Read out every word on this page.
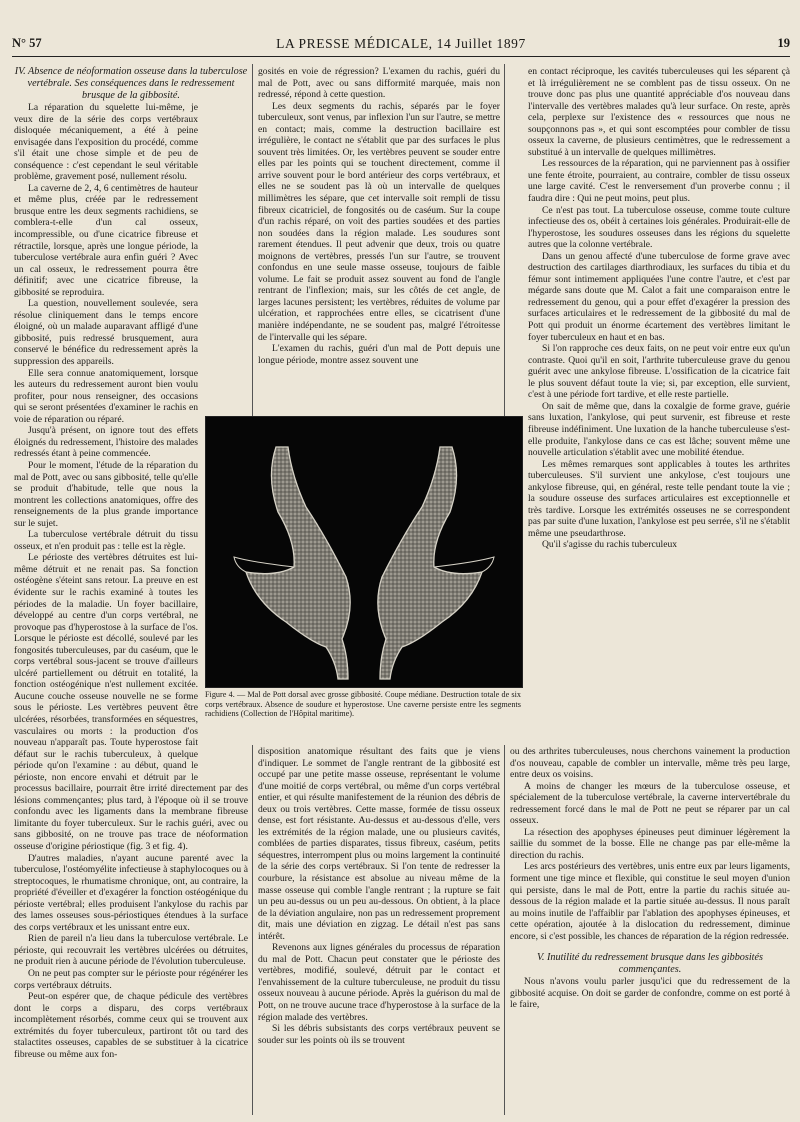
N° 57	LA PRESSE MÉDICALE, 14 Juillet 1897	19

IV. Absence de néoformation osseuse dans la tuberculose vertébrale. Ses conséquences dans le redressement brusque de la gibbosité.

La réparation du squelette lui-même, je veux dire de la série des corps vertébraux disloquée mécaniquement, a été à peine envisagée dans l'exposition du procédé, comme s'il était une chose simple et de peu de conséquence : c'est cependant le seul véritable problème, gravement posé, nullement résolu.

La caverne de 2, 4, 6 centimètres de hauteur et même plus, créée par le redressement brusque entre les deux segments rachidiens, se comblera-t-elle d'un cal osseux, incompressible, ou d'une cicatrice fibreuse et rétractile, lorsque, après une longue période, la tuberculose vertébrale aura enfin guéri ? Avec un cal osseux, le redressement pourra être définitif; avec une cicatrice fibreuse, la gibbosité se reproduira.

La question, nouvellement soulevée, sera résolue cliniquement dans le temps encore éloigné, où un malade auparavant affligé d'une gibbosité, puis redressé brusquement, aura conservé le bénéfice du redressement après la suppression des appareils.

Elle sera connue anatomiquement, lorsque les auteurs du redressement auront bien voulu profiter, pour nous renseigner, des occasions qui se seront présentées d'examiner le rachis en voie de réparation ou réparé.

Jusqu'à présent, on ignore tout des effets éloignés du redressement, l'histoire des malades redressés étant à peine commencée.

Pour le moment, l'étude de la réparation du mal de Pott, avec ou sans gibbosité, telle qu'elle se produit d'habitude, telle que nous la montrent les collections anatomiques, offre des renseignements de la plus grande importance sur le sujet.

La tuberculose vertébrale détruit du tissu osseux, et n'en produit pas : telle est la règle.

Le périoste des vertèbres détruites est lui-même détruit et ne renait pas. Sa fonction ostéogène s'éteint sans retour. La preuve en est évidente sur le rachis examiné à toutes les périodes de la maladie. Un foyer bacillaire, développé au centre d'un corps vertébral, ne provoque pas d'hyperostose à la surface de l'os. Lorsque le périoste est décollé, soulevé par les fongosités tuberculeuses, par du caséum, que le corps vertébral sous-jacent se trouve d'ailleurs ulcéré partiellement ou détruit en totalité, la fonction ostéogénique n'est nullement excitée. Aucune couche osseuse nouvelle ne se forme sous le périoste. Les vertèbres peuvent être ulcérées, résorbées, transformées en séquestres, vasculaires ou morts : la production d'os nouveau n'apparaît pas. Toute hyperostose fait défaut sur le rachis tuberculeux, à quelque période qu'on l'examine : au début, quand le périoste, non encore envahi et détruit par le processus bacillaire, pourrait être irrité directement par des lésions commençantes; plus tard, à l'époque où il se trouve confondu avec les ligaments dans la membrane fibreuse limitante du foyer tuberculeux. Sur le rachis guéri, avec ou sans gibbosité, on ne trouve pas trace de néoformation osseuse d'origine périostique (fig. 3 et fig. 4).

D'autres maladies, n'ayant aucune parenté avec la tuberculose, l'ostéomyélite infectieuse à staphylocoques ou à streptocoques, le rhumatisme chronique, ont, au contraire, la propriété d'éveiller et d'exagérer la fonction ostéogénique du périoste vertébral; elles produisent l'ankylose du rachis par des lames osseuses sous-périostiques étendues à la surface des corps vertébraux et les unissant entre eux.

Rien de pareil n'a lieu dans la tuberculose vertébrale. Le périoste, qui recouvrait les vertèbres ulcérées ou détruites, ne produit rien à aucune période de l'évolution tuberculeuse.

On ne peut pas compter sur le périoste pour régénérer les corps vertébraux détruits.

Peut-on espérer que, de chaque pédicule des vertèbres dont le corps a disparu, des corps vertébraux incomplètement résorbés, comme ceux qui se trouvent aux extrémités du foyer tuberculeux, partiront tôt ou tard des stalactites osseuses, capables de se substituer à la cicatrice fibreuse ou même aux fon-

gosités en voie de régression? L'examen du rachis, guéri du mal de Pott, avec ou sans difformité marquée, mais non redressé, répond à cette question.

Les deux segments du rachis, séparés par le foyer tuberculeux, sont venus, par inflexion l'un sur l'autre, se mettre en contact; mais, comme la destruction bacillaire est irrégulière, le contact ne s'établit que par des surfaces le plus souvent très limitées. Or, les vertèbres peuvent se souder entre elles par les points qui se touchent directement, comme il arrive souvent pour le bord antérieur des corps vertébraux, et elles ne se soudent pas là où un intervalle de quelques millimètres les sépare, que cet intervalle soit rempli de tissu fibreux cicatriciel, de fongosités ou de caséum. Sur la coupe d'un rachis réparé, on voit des parties soudées et des parties non soudées dans la région malade. Les soudures sont rarement étendues. Il peut advenir que deux, trois ou quatre moignons de vertèbres, pressés l'un sur l'autre, se trouvent confondus en une seule masse osseuse, toujours de faible volume. Le fait se produit assez souvent au fond de l'angle rentrant de l'inflexion; mais, sur les côtés de cet angle, de larges lacunes persistent; les vertèbres, réduites de volume par ulcération, et rapprochées entre elles, se cicatrisent d'une manière indépendante, ne se soudent pas, malgré l'étroitesse de l'intervalle qui les sépare.

L'examen du rachis, guéri d'un mal de Pott depuis une longue période, montre assez souvent une

en contact réciproque, les cavités tuberculeuses qui les séparent çà et là irrégulièrement ne se comblent pas de tissu osseux. On ne trouve donc pas plus une quantité appréciable d'os nouveau dans l'intervalle des vertèbres malades qu'à leur surface. On reste, après cela, perplexe sur l'existence des « ressources que nous ne soupçonnons pas », et qui sont escomptées pour combler de tissu osseux la caverne, de plusieurs centimètres, que le redressement a substitué à un intervalle de quelques millimètres.

Les ressources de la réparation, qui ne parviennent pas à ossifier une fente étroite, pourraient, au contraire, combler de tissu osseux une large cavité. C'est le renversement d'un proverbe connu ; il faudra dire : Qui ne peut moins, peut plus.

Ce n'est pas tout. La tuberculose osseuse, comme toute culture infectieuse des os, obéit à certaines lois générales. Produirait-elle de l'hyperostose, les soudures osseuses dans les régions du squelette autres que la colonne vertébrale.

Dans un genou affecté d'une tuberculose de forme grave avec destruction des cartilages diarthrodiaux, les surfaces du tibia et du fémur sont intimement appliquées l'une contre l'autre, et c'est par mégarde sans doute que M. Calot a fait une comparaison entre le redressement du genou, qui a pour effet d'exagérer la pression des surfaces articulaires et le redressement de la gibbosité du mal de Pott qui produit un énorme écartement des vertèbres limitant le foyer tuberculeux en haut et en bas.

Si l'on rapproche ces deux faits, on ne peut voir entre eux qu'un contraste. Quoi qu'il en soit, l'arthrite tuberculeuse grave du genou guérit avec une ankylose fibreuse. L'ossification de la cicatrice fait le plus souvent défaut toute la vie; si, par exception, elle survient, c'est à une période fort tardive, et elle reste partielle.

On sait de même que, dans la coxalgie de forme grave, guérie sans luxation, l'ankylose, qui peut survenir, est fibreuse et reste fibreuse indéfiniment. Une luxation de la hanche tuberculeuse s'est-elle produite, l'ankylose dans ce cas est lâche; souvent même une nouvelle articulation s'établit avec une mobilité étendue.

Les mêmes remarques sont applicables à toutes les arthrites tuberculeuses. S'il survient une ankylose, c'est toujours une ankylose fibreuse, qui, en général, reste telle pendant toute la vie ; la soudure osseuse des surfaces articulaires est exceptionnelle et très tardive. Lorsque les extrémités osseuses ne se correspondent pas par suite d'une luxation, l'ankylose est peu serrée, s'il ne s'établit même une pseudarthrose.

Qu'il s'agisse du rachis tuberculeux

Figure 4. — Mal de Pott dorsal avec grosse gibbosité. Coupe médiane. Destruction totale de six corps vertébraux. Absence de soudure et hyperostose. Une caverne persiste entre les segments rachidiens (Collection de l'Hôpital maritime).

disposition anatomique résultant des faits que je viens d'indiquer. Le sommet de l'angle rentrant de la gibbosité est occupé par une petite masse osseuse, représentant le volume d'une moitié de corps vertébral, ou même d'un corps vertébral entier, et qui résulte manifestement de la réunion des débris de deux ou trois vertèbres. Cette masse, formée de tissu osseux dense, est fort résistante. Au-dessus et au-dessous d'elle, vers les extrémités de la région malade, une ou plusieurs cavités, comblées de parties disparates, tissus fibreux, caséum, petits séquestres, interrompent plus ou moins largement la continuité de la série des corps vertébraux. Si l'on tente de redresser la courbure, la résistance est absolue au niveau même de la masse osseuse qui comble l'angle rentrant ; la rupture se fait un peu au-dessus ou un peu au-dessous. On obtient, à la place de la déviation angulaire, non pas un redressement proprement dit, mais une déviation en zigzag. Le détail n'est pas sans intérêt.

Revenons aux lignes générales du processus de réparation du mal de Pott. Chacun peut constater que le périoste des vertèbres, modifié, soulevé, détruit par le contact et l'envahissement de la culture tuberculeuse, ne produit du tissu osseux nouveau à aucune période. Après la guérison du mal de Pott, on ne trouve aucune trace d'hyperostose à la surface de la région malade des vertèbres.

Si les débris subsistants des corps vertébraux peuvent se souder sur les points où ils se trouvent

ou des arthrites tuberculeuses, nous cherchons vainement la production d'os nouveau, capable de combler un intervalle, même très peu large, entre deux os voisins.

A moins de changer les mœurs de la tuberculose osseuse, et spécialement de la tuberculose vertébrale, la caverne intervertébrale du redressement forcé dans le mal de Pott ne peut se réparer par un cal osseux.

La résection des apophyses épineuses peut diminuer légèrement la saillie du sommet de la bosse. Elle ne change pas par elle-même la direction du rachis.

Les arcs postérieurs des vertèbres, unis entre eux par leurs ligaments, forment une tige mince et flexible, qui constitue le seul moyen d'union qui persiste, dans le mal de Pott, entre la partie du rachis située au-dessous de la région malade et la partie située au-dessus. Il nous paraît au moins inutile de l'affaiblir par l'ablation des apophyses épineuses, et cette opération, ajoutée à la dislocation du redressement, diminue encore, si c'est possible, les chances de réparation de la région redressée.

V. Inutilité du redressement brusque dans les gibbosités commençantes.

Nous n'avons voulu parler jusqu'ici que du redressement de la gibbosité acquise. On doit se garder de confondre, comme on est porté à le faire,
